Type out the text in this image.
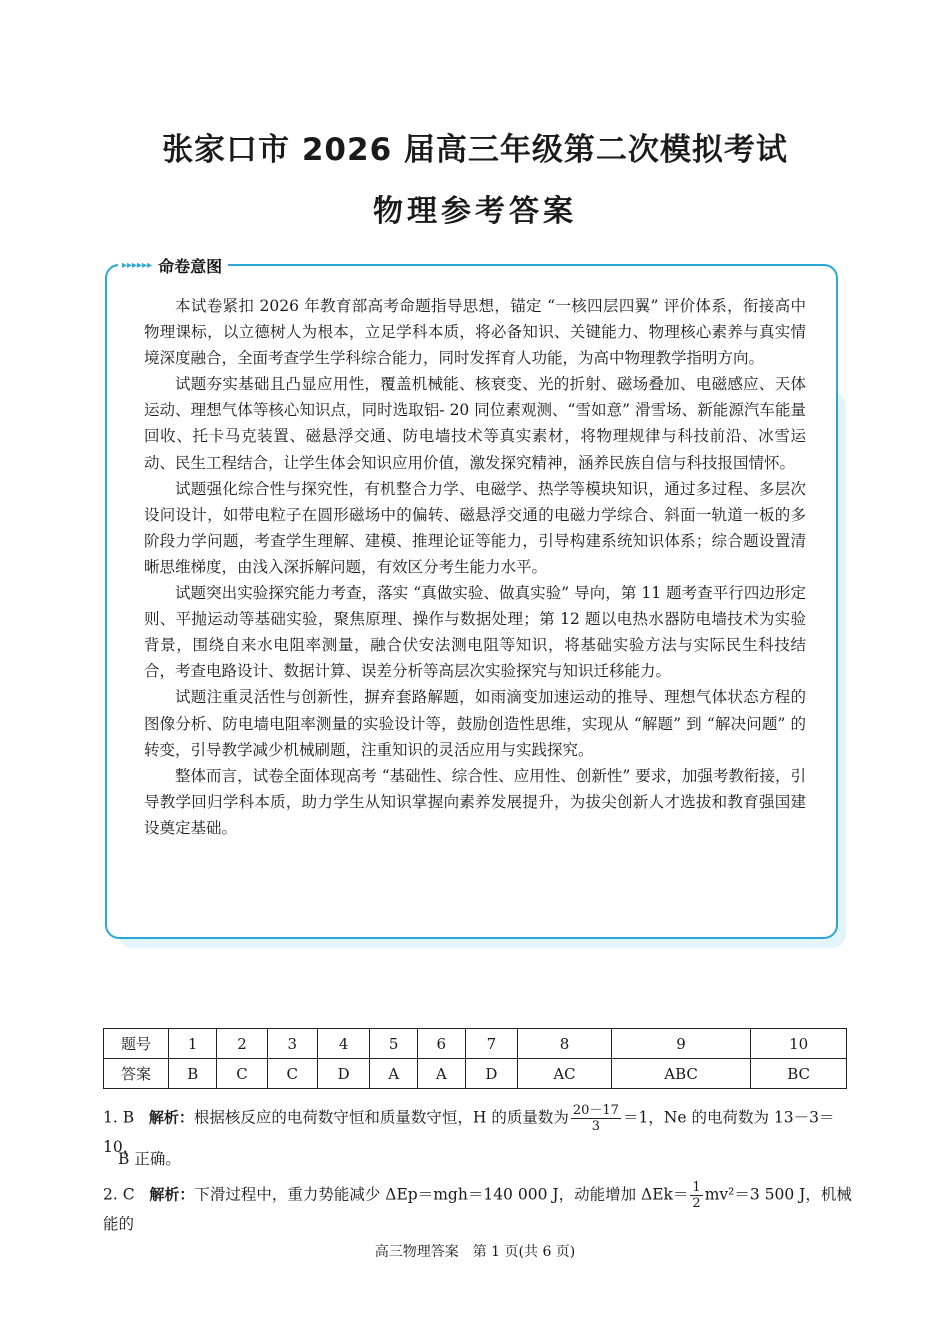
张家口市 2026 届高三年级第二次模拟考试
物理参考答案
▸▸▸▸▸▸ 命卷意图

本试卷紧扣 2026 年教育部高考命题指导思想，锚定 “一核四层四翼” 评价体系，衔接高中物理课标，以立德树人为根本，立足学科本质，将必备知识、关键能力、物理核心素养与真实情境深度融合，全面考查学生学科综合能力，同时发挥育人功能，为高中物理教学指明方向。

试题夯实基础且凸显应用性，覆盖机械能、核衰变、光的折射、磁场叠加、电磁感应、天体运动、理想气体等核心知识点，同时选取铝- 20 同位素观测、“雪如意” 滑雪场、新能源汽车能量回收、托卡马克装置、磁悬浮交通、防电墙技术等真实素材，将物理规律与科技前沿、冰雪运动、民生工程结合，让学生体会知识应用价值，激发探究精神，涵养民族自信与科技报国情怀。

试题强化综合性与探究性，有机整合力学、电磁学、热学等模块知识，通过多过程、多层次设问设计，如带电粒子在圆形磁场中的偏转、磁悬浮交通的电磁力学综合、斜面一轨道一板的多阶段力学问题，考查学生理解、建模、推理论证等能力，引导构建系统知识体系；综合题设置清晰思维梯度，由浅入深拆解问题，有效区分考生能力水平。

试题突出实验探究能力考查，落实 “真做实验、做真实验” 导向，第 11 题考查平行四边形定则、平抛运动等基础实验，聚焦原理、操作与数据处理；第 12 题以电热水器防电墙技术为实验背景，围绕自来水电阻率测量，融合伏安法测电阻等知识，将基础实验方法与实际民生科技结合，考查电路设计、数据计算、误差分析等高层次实验探究与知识迁移能力。

试题注重灵活性与创新性，摒弃套路解题，如雨滴变加速运动的推导、理想气体状态方程的图像分析、防电墙电阻率测量的实验设计等，鼓励创造性思维，实现从 “解题” 到 “解决问题” 的转变，引导教学减少机械刷题，注重知识的灵活应用与实践探究。

整体而言，试卷全面体现高考 “基础性、综合性、应用性、创新性” 要求，加强考教衔接，引导教学回归学科本质，助力学生从知识掌握向素养发展提升，为拔尖创新人才选拔和教育强国建设奠定基础。

题号	1	2	3	4	5	6	7	8	9	10
答案	B	C	C	D	A	A	D	AC	ABC	BC
1. B 解析：根据核反应的电荷数守恒和质量数守恒，H 的质量数为 $\frac{20-17}{3} =1$，Ne 的电荷数为 13－3＝10，
B 正确。
2. C 解析：下滑过程中，重力势能减少 ΔEp＝mgh＝140 000 J，动能增加 $\Delta Ek= \frac{1}{2} mv^2=3$ 500 J，机械能的
高三物理答案　第 1 页(共 6 页)
